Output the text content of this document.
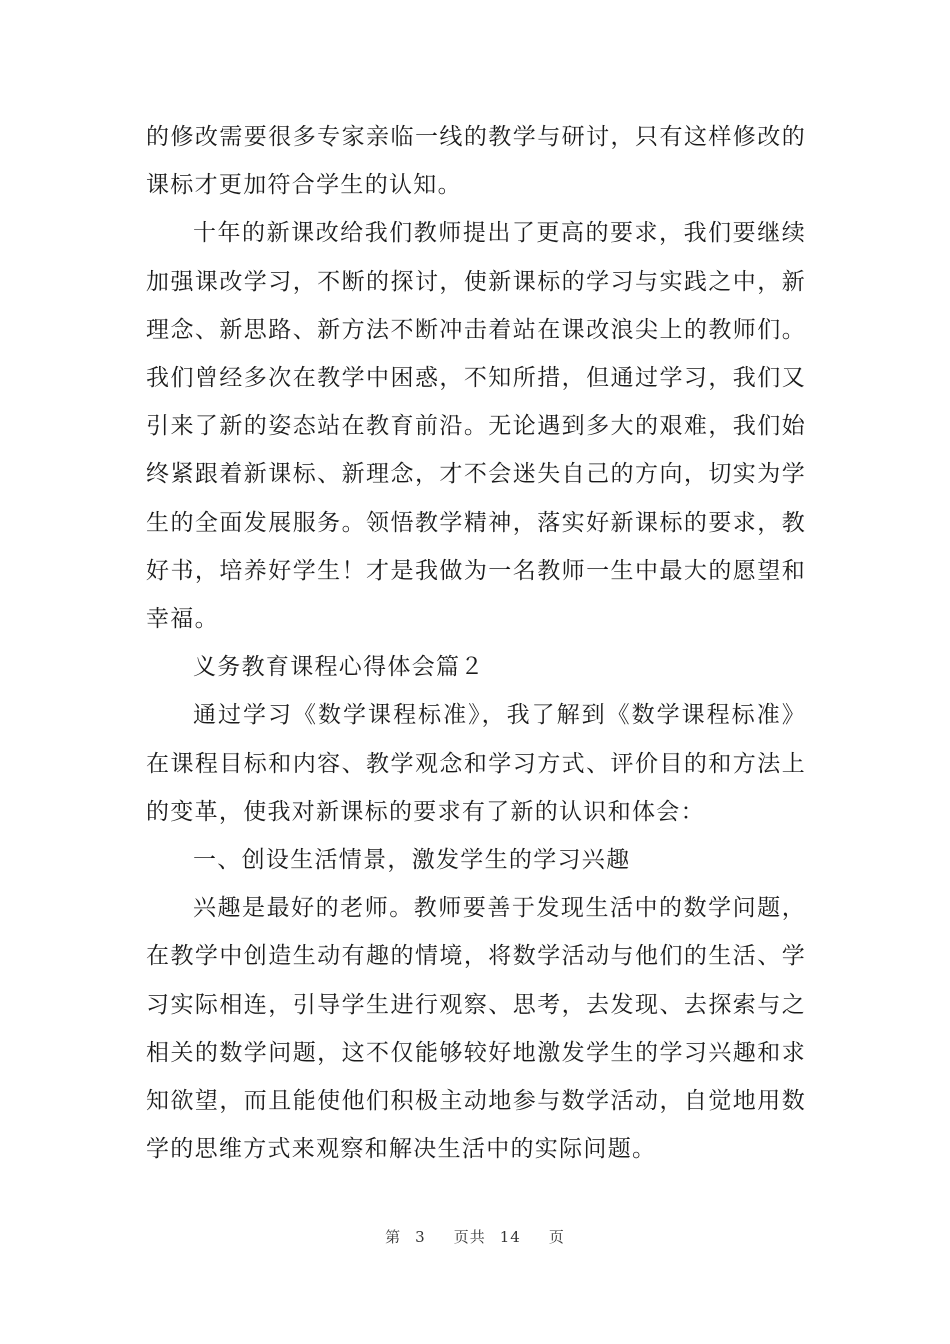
的修改需要很多专家亲临一线的教学与研讨，只有这样修改的课标才更加符合学生的认知。

十年的新课改给我们教师提出了更高的要求，我们要继续加强课改学习，不断的探讨，使新课标的学习与实践之中，新理念、新思路、新方法不断冲击着站在课改浪尖上的教师们。我们曾经多次在教学中困惑，不知所措，但通过学习，我们又引来了新的姿态站在教育前沿。无论遇到多大的艰难，我们始终紧跟着新课标、新理念，才不会迷失自己的方向，切实为学生的全面发展服务。领悟教学精神，落实好新课标的要求，教好书，培养好学生！才是我做为一名教师一生中最大的愿望和幸福。

义务教育课程心得体会篇２

通过学习《数学课程标准》，我了解到《数学课程标准》在课程目标和内容、教学观念和学习方式、评价目的和方法上的变革，使我对新课标的要求有了新的认识和体会：

一、创设生活情景，激发学生的学习兴趣

兴趣是最好的老师。教师要善于发现生活中的数学问题，在教学中创造生动有趣的情境，将数学活动与他们的生活、学习实际相连，引导学生进行观察、思考，去发现、去探索与之相关的数学问题，这不仅能够较好地激发学生的学习兴趣和求知欲望，而且能使他们积极主动地参与数学活动，自觉地用数学的思维方式来观察和解决生活中的实际问题。

第 3 页共 14 页
